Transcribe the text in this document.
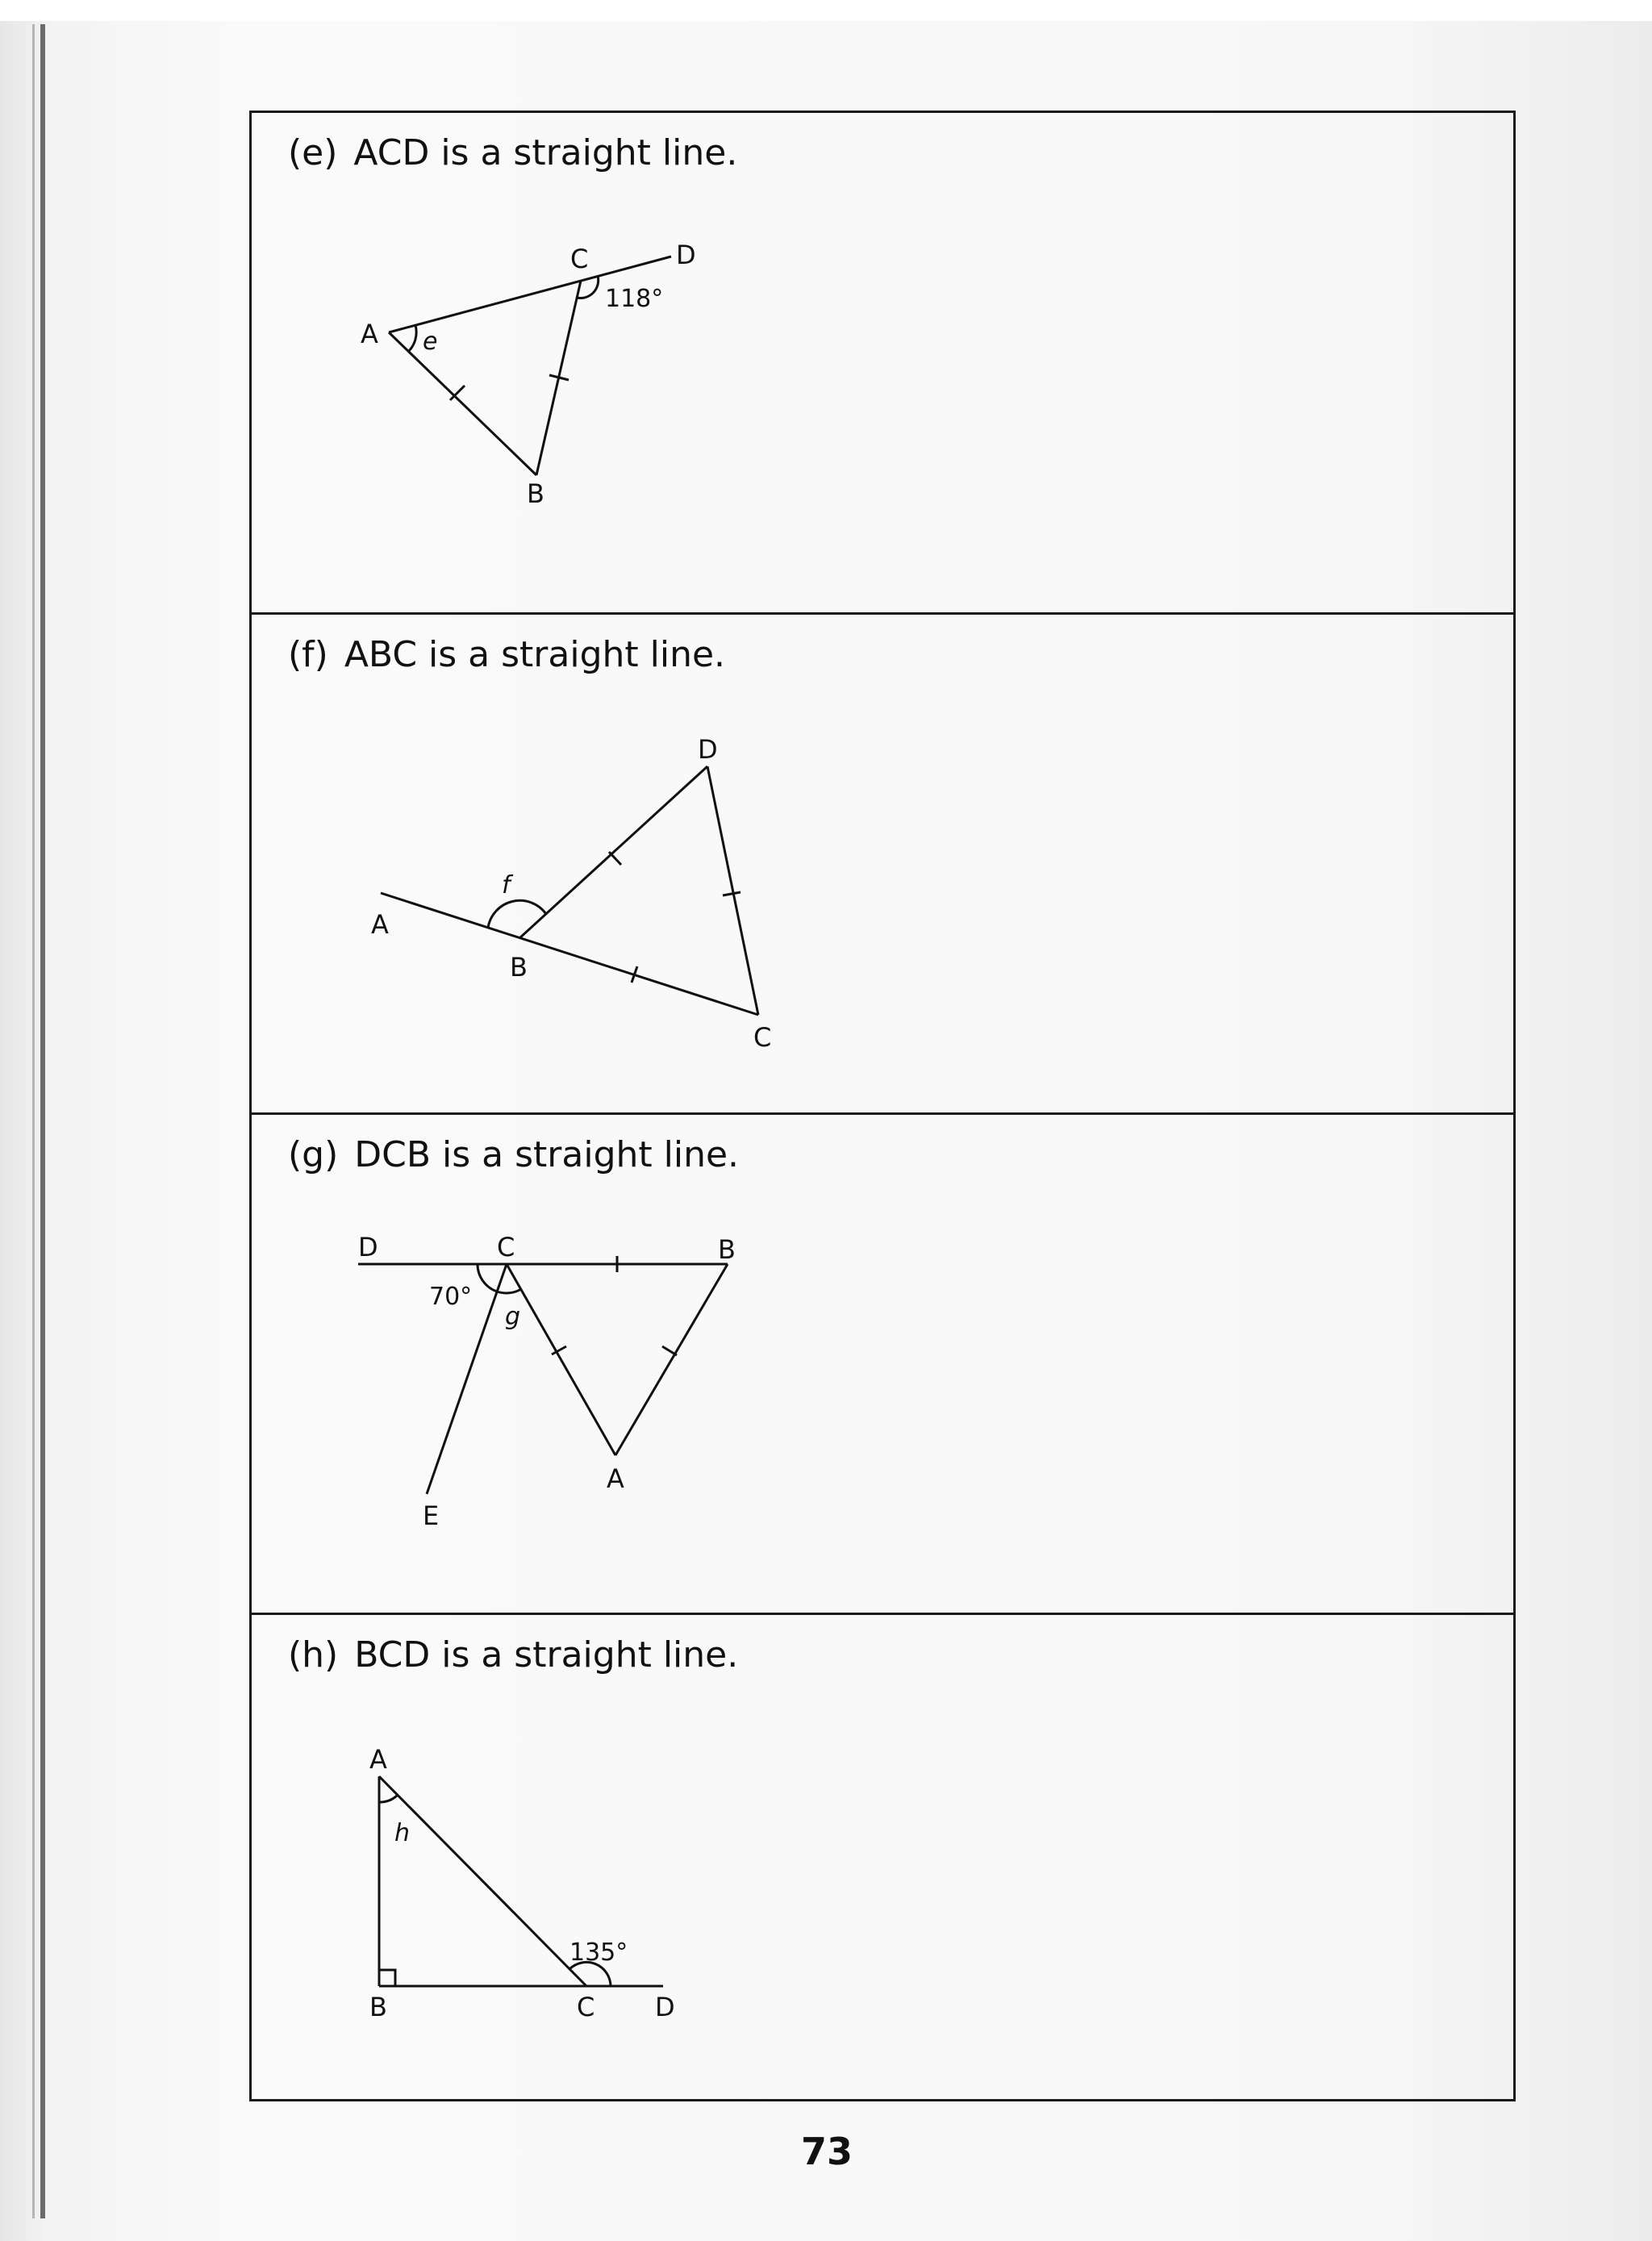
(e) ACD is a straight line.
A
B
C	D
118°
e
(f) ABC is a straight line.
A
B
C
D
f
(g) DCB is a straight line.
D	C	B
E
A
70°
g
(h) BCD is a straight line.
A
B	C D
h
135°
73
